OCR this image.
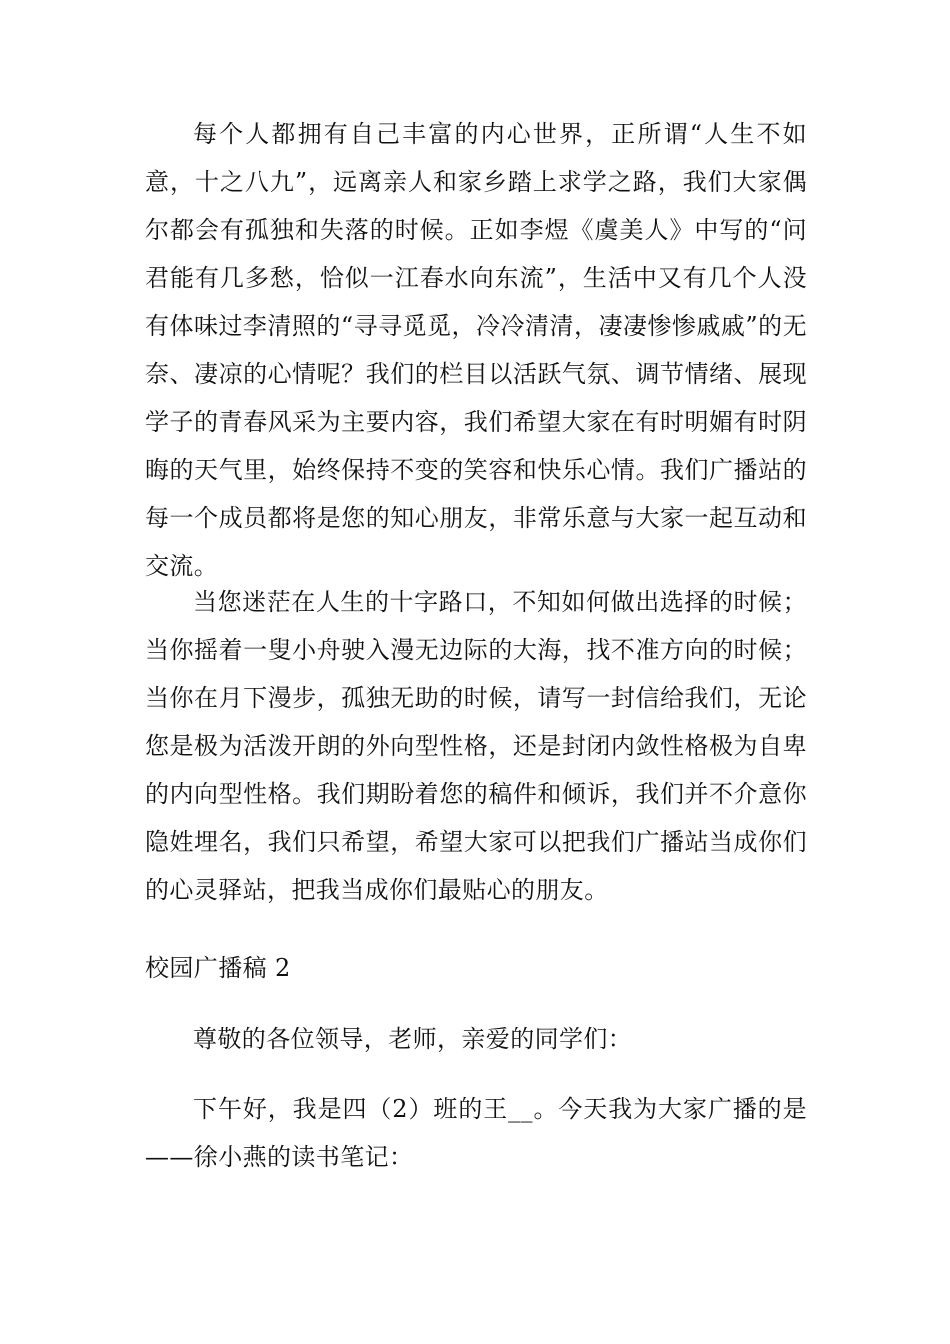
每个人都拥有自己丰富的内心世界，正所谓“人生不如意，十之八九”，远离亲人和家乡踏上求学之路，我们大家偶尔都会有孤独和失落的时候。正如李煜《虞美人》中写的“问君能有几多愁，恰似一江春水向东流”，生活中又有几个人没有体味过李清照的“寻寻觅觅，冷冷清清，凄凄惨惨戚戚”的无奈、凄凉的心情呢？我们的栏目以活跃气氛、调节情绪、展现学子的青春风采为主要内容，我们希望大家在有时明媚有时阴晦的天气里，始终保持不变的笑容和快乐心情。我们广播站的每一个成员都将是您的知心朋友，非常乐意与大家一起互动和交流。

当您迷茫在人生的十字路口，不知如何做出选择的时候；当你摇着一叟小舟驶入漫无边际的大海，找不准方向的时候；当你在月下漫步，孤独无助的时候，请写一封信给我们，无论您是极为活泼开朗的外向型性格，还是封闭内敛性格极为自卑的内向型性格。我们期盼着您的稿件和倾诉，我们并不介意你隐姓埋名，我们只希望，希望大家可以把我们广播站当成你们的心灵驿站，把我当成你们最贴心的朋友。

校园广播稿 2

尊敬的各位领导，老师，亲爱的同学们：

下午好，我是四（2）班的王__。今天我为大家广播的是——徐小燕的读书笔记：
